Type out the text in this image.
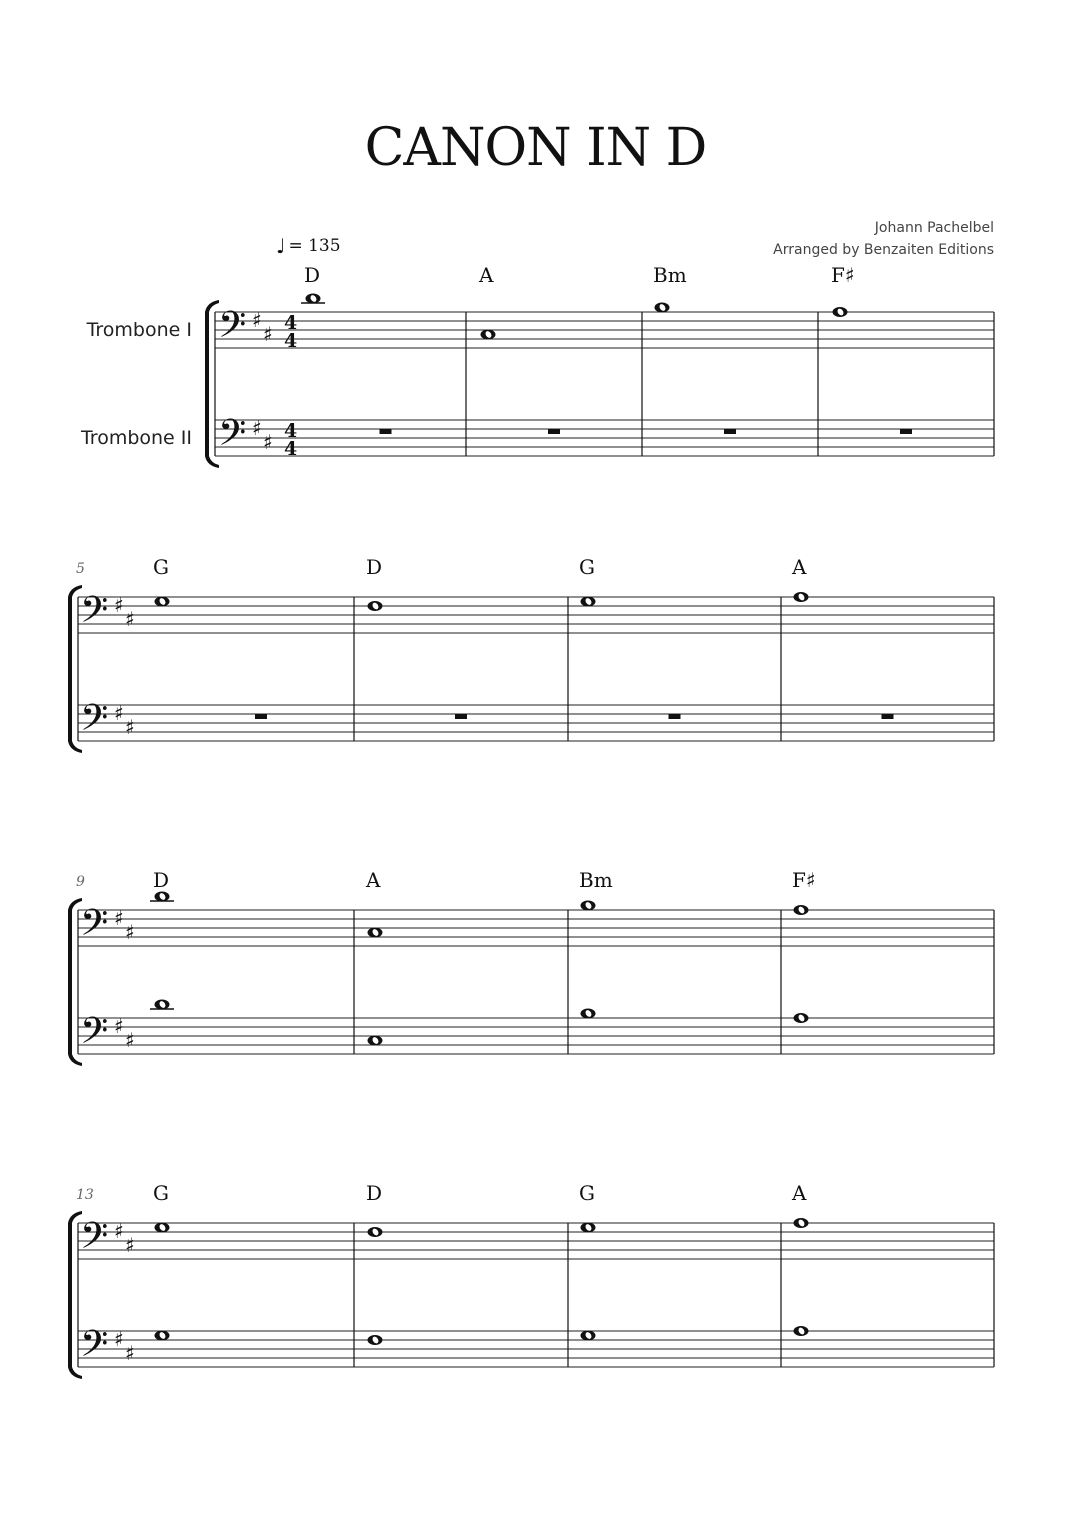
CANON IN D
Johann Pachelbel
Arranged by Benzaiten Editions
♩ = 135
Trombone I
Trombone II
𝄢 ♯
♯ 4
4
𝄢 ♯
♯ 4
4
D	A	Bm	F♯
𝄢 ♯
♯
𝄢 ♯
♯
5	G	D	G	A
𝄢 ♯
♯
𝄢 ♯
♯
9	D	A	Bm	F♯
𝄢 ♯
♯
𝄢 ♯
♯
13	G	D	G	A
